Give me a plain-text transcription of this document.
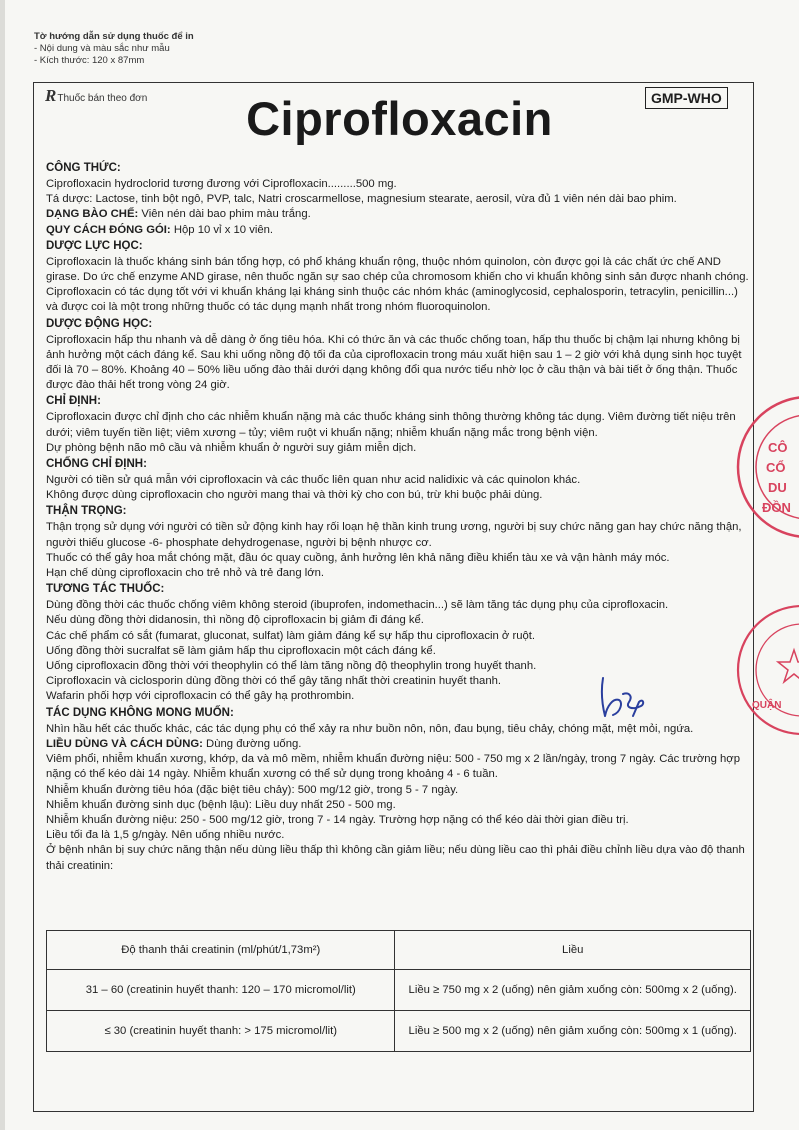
Tờ hướng dẫn sử dụng thuốc để in
- Nội dung và màu sắc như mẫu
- Kích thước: 120 x 87mm
RThuốc bán theo đơn	Ciprofloxacin	GMP-WHO
CÔNG THỨC:

Ciprofloxacin hydroclorid tương đương với Ciprofloxacin.........500 mg.

Tá dược: Lactose, tinh bột ngô, PVP, talc, Natri croscarmellose, magnesium stearate, aerosil, vừa đủ 1 viên nén dài bao phim.

DẠNG BÀO CHẾ: Viên nén dài bao phim màu trắng.

QUY CÁCH ĐÓNG GÓI: Hộp 10 vỉ x 10 viên.

DƯỢC LỰC HỌC:

Ciprofloxacin là thuốc kháng sinh bán tổng hợp, có phổ kháng khuẩn rộng, thuộc nhóm quinolon, còn được gọi là các chất ức chế AND girase. Do ức chế enzyme AND girase, nên thuốc ngăn sự sao chép của chromosom khiến cho vi khuẩn không sinh sản được nhanh chóng. Ciprofloxacin có tác dụng tốt với vi khuẩn kháng lại kháng sinh thuộc các nhóm khác (aminoglycosid, cephalosporin, tetracylin, penicillin...) và được coi là một trong những thuốc có tác dụng mạnh nhất trong nhóm fluoroquinolon.

DƯỢC ĐỘNG HỌC:

Ciprofloxacin hấp thu nhanh và dễ dàng ở ống tiêu hóa. Khi có thức ăn và các thuốc chống toan, hấp thu thuốc bị chậm lại nhưng không bị ảnh hưởng một cách đáng kể. Sau khi uống nồng độ tối đa của ciprofloxacin trong máu xuất hiện sau 1 – 2 giờ với khả dụng sinh học tuyệt đối là 70 – 80%. Khoảng 40 – 50% liều uống đào thải dưới dạng không đổi qua nước tiểu nhờ lọc ở cầu thận và bài tiết ở ống thận. Thuốc được đào thải hết trong vòng 24 giờ.

CHỈ ĐỊNH:

Ciprofloxacin được chỉ định cho các nhiễm khuẩn nặng mà các thuốc kháng sinh thông thường không tác dụng. Viêm đường tiết niệu trên dưới; viêm tuyến tiền liệt; viêm xương – tủy; viêm ruột vi khuẩn nặng; nhiễm khuẩn nặng mắc trong bệnh viện.

Dự phòng bệnh não mô cầu và nhiễm khuẩn ở người suy giảm miễn dịch.

CHỐNG CHỈ ĐỊNH:

Người có tiền sử quá mẫn với ciprofloxacin và các thuốc liên quan như acid nalidixic và các quinolon khác.

Không được dùng ciprofloxacin cho người mang thai và thời kỳ cho con bú, trừ khi buộc phải dùng.

THẬN TRỌNG:

Thận trọng sử dụng với người có tiền sử động kinh hay rối loạn hệ thần kinh trung ương, người bị suy chức năng gan hay chức năng thận, người thiếu glucose -6- phosphate dehydrogenase, người bị bệnh nhược cơ.

Thuốc có thể gây hoa mắt chóng mặt, đầu óc quay cuồng, ảnh hưởng lên khả năng điều khiển tàu xe và vận hành máy móc.

Hạn chế dùng ciprofloxacin cho trẻ nhỏ và trẻ đang lớn.

TƯƠNG TÁC THUỐC:

Dùng đồng thời các thuốc chống viêm không steroid (ibuprofen, indomethacin...) sẽ làm tăng tác dụng phụ của ciprofloxacin.

Nếu dùng đồng thời didanosin, thì nồng độ ciprofloxacin bị giảm đi đáng kể.

Các chế phẩm có sắt (fumarat, gluconat, sulfat) làm giảm đáng kể sự hấp thu ciprofloxacin ở ruột.

Uống đồng thời sucralfat sẽ làm giảm hấp thu ciprofloxacin một cách đáng kể.

Uống ciprofloxacin đồng thời với theophylin có thể làm tăng nồng độ theophylin trong huyết thanh.

Ciprofloxacin và ciclosporin dùng đồng thời có thể gây tăng nhất thời creatinin huyết thanh.

Wafarin phối hợp với ciprofloxacin có thể gây hạ prothrombin.

TÁC DỤNG KHÔNG MONG MUỐN:

Nhìn hầu hết các thuốc khác, các tác dụng phụ có thể xảy ra như buồn nôn, nôn, đau bụng, tiêu chảy, chóng mặt, mệt mỏi, ngứa.

LIỀU DÙNG VÀ CÁCH DÙNG: Dùng đường uống.

Viêm phổi, nhiễm khuẩn xương, khớp, da và mô mềm, nhiễm khuẩn đường niệu: 500 - 750 mg x 2 lần/ngày, trong 7 ngày. Các trường hợp nặng có thể kéo dài 14 ngày. Nhiễm khuẩn xương có thể sử dụng trong khoảng 4 - 6 tuần.

Nhiễm khuẩn đường tiêu hóa (đặc biệt tiêu chảy): 500 mg/12 giờ, trong 5 - 7 ngày.

Nhiễm khuẩn đường sinh dục (bệnh lậu): Liều duy nhất 250 - 500 mg.

Nhiễm khuẩn đường niệu: 250 - 500 mg/12 giờ, trong 7 - 14 ngày. Trường hợp nặng có thể kéo dài thời gian điều trị.

Liều tối đa là 1,5 g/ngày. Nên uống nhiều nước.

Ở bệnh nhân bị suy chức năng thận nếu dùng liều thấp thì không cần giảm liều; nếu dùng liều cao thì phải điều chỉnh liều dựa vào độ thanh thải creatinin:

Độ thanh thải creatinin (ml/phút/1,73m²)	Liều
31 – 60 (creatinin huyết thanh: 120 – 170 micromol/lit)	Liều ≥ 750 mg x 2 (uống) nên giảm xuống còn: 500mg x 2 (uống).
≤ 30 (creatinin huyết thanh: > 175 micromol/lit)	Liều ≥ 500 mg x 2 (uống) nên giảm xuống còn: 500mg x 1 (uống).
CÔ
CỔ
DU
ĐỒN
QUẬN
